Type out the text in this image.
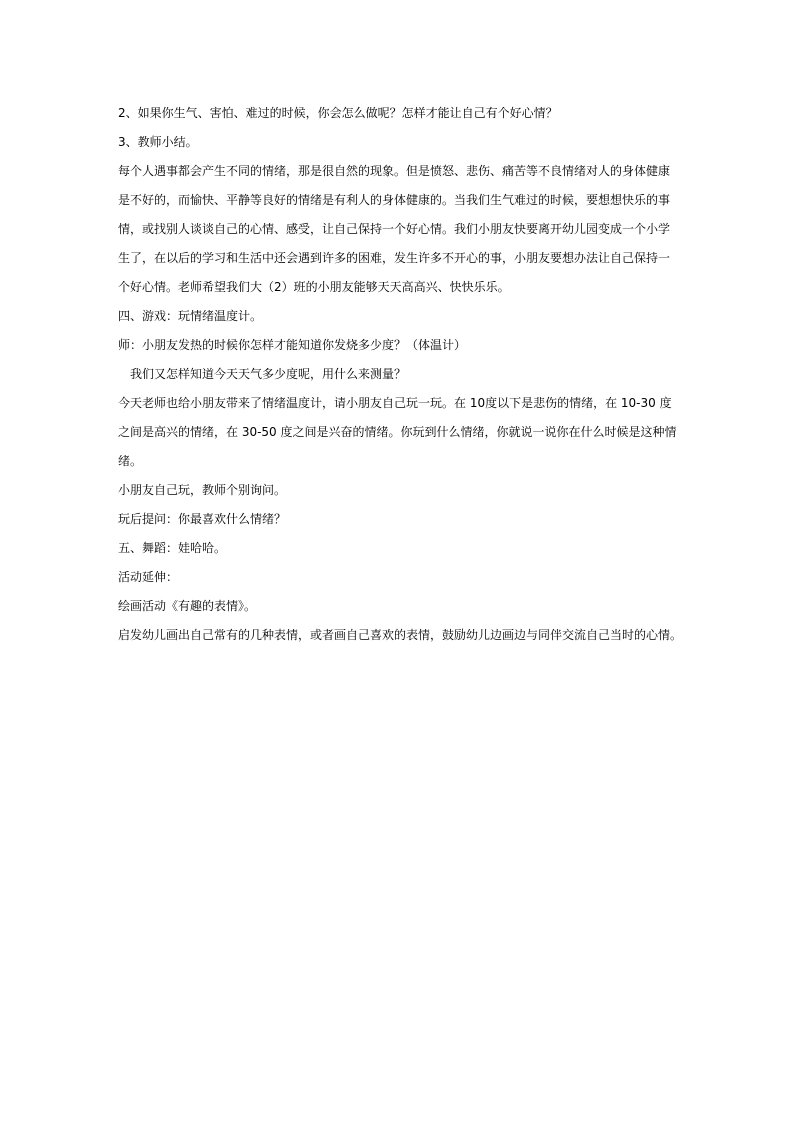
2、如果你生气、害怕、难过的时候，你会怎么做呢？怎样才能让自己有个好心情？
3、教师小结。
每个人遇事都会产生不同的情绪，那是很自然的现象。但是愤怒、悲伤、痛苦等不良情绪对人的身体健康
是不好的，而愉快、平静等良好的情绪是有利人的身体健康的。当我们生气难过的时候，要想想快乐的事
情，或找别人谈谈自己的心情、感受，让自己保持一个好心情。我们小朋友快要离开幼儿园变成一个小学
生了，在以后的学习和生活中还会遇到许多的困难，发生许多不开心的事，小朋友要想办法让自己保持一
个好心情。老师希望我们大（2）班的小朋友能够天天高高兴、快快乐乐。
四、游戏：玩情绪温度计。
师：小朋友发热的时候你怎样才能知道你发烧多少度？（体温计）
我们又怎样知道今天天气多少度呢，用什么来测量？
今天老师也给小朋友带来了情绪温度计，请小朋友自己玩一玩。在 10度以下是悲伤的情绪，在 10-30 度
之间是高兴的情绪，在 30-50 度之间是兴奋的情绪。你玩到什么情绪，你就说一说你在什么时候是这种情
绪。
小朋友自己玩，教师个别询问。
玩后提问：你最喜欢什么情绪？
五、舞蹈：娃哈哈。
活动延伸：
绘画活动《有趣的表情》。
启发幼儿画出自己常有的几种表情，或者画自己喜欢的表情，鼓励幼儿边画边与同伴交流自己当时的心情。
